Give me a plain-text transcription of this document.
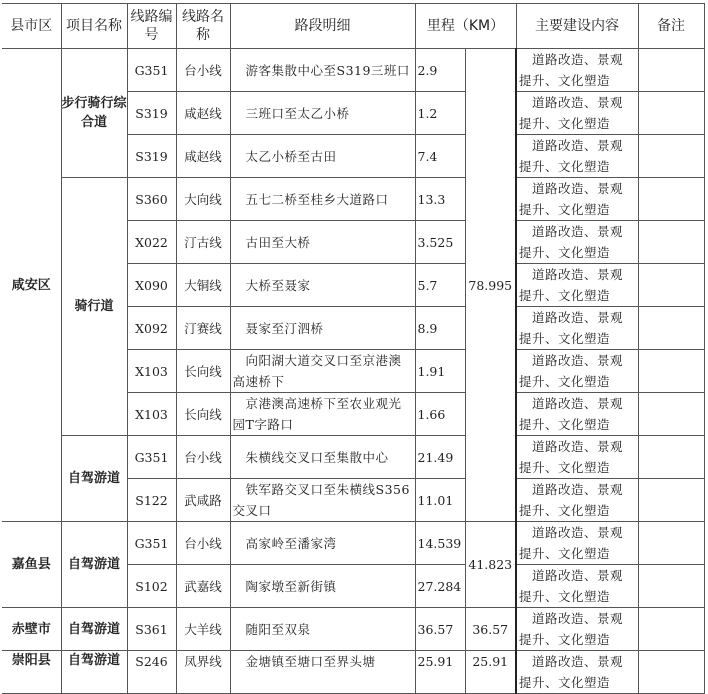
县市区	项目名称	线路编号	线路名称	路段明细	里程（KM）		主要建设内容	备注
咸安区	步行骑行综合道	G351	台小线	游客集散中心至S319三班口	2.9	78.995	道路改造、景观提升、文化塑造	
		S319	咸赵线	三班口至太乙小桥	1.2		道路改造、景观提升、文化塑造	
		S319	咸赵线	太乙小桥至古田	7.4		道路改造、景观提升、文化塑造	
	骑行道	S360	大向线	五七二桥至桂乡大道路口	13.3		道路改造、景观提升、文化塑造	
		X022	汀古线	古田至大桥	3.525		道路改造、景观提升、文化塑造	
		X090	大铜线	大桥至聂家	5.7		道路改造、景观提升、文化塑造	
		X092	汀赛线	聂家至汀泗桥	8.9		道路改造、景观提升、文化塑造	
		X103	长向线	向阳湖大道交叉口至京港澳高速桥下	1.91		道路改造、景观提升、文化塑造	
		X103	长向线	京港澳高速桥下至农业观光园T字路口	1.66		道路改造、景观提升、文化塑造	
	自驾游道	G351	台小线	朱横线交叉口至集散中心	21.49		道路改造、景观提升、文化塑造	
		S122	武咸路	铁军路交叉口至朱横线S356交叉口	11.01		道路改造、景观提升、文化塑造	
嘉鱼县	自驾游道	G351	台小线	高家岭至潘家湾	14.539	41.823	道路改造、景观提升、文化塑造	
		S102	武嘉线	陶家墩至新街镇	27.284		道路改造、景观提升、文化塑造	
赤壁市	自驾游道	S361	大羊线	随阳至双泉	36.57	36.57	道路改造、景观提升、文化塑造	
崇阳县	自驾游道	S246	凤界线	金塘镇至塘口至界头塘	25.91	25.91	道路改造、景观提升、文化塑造	
